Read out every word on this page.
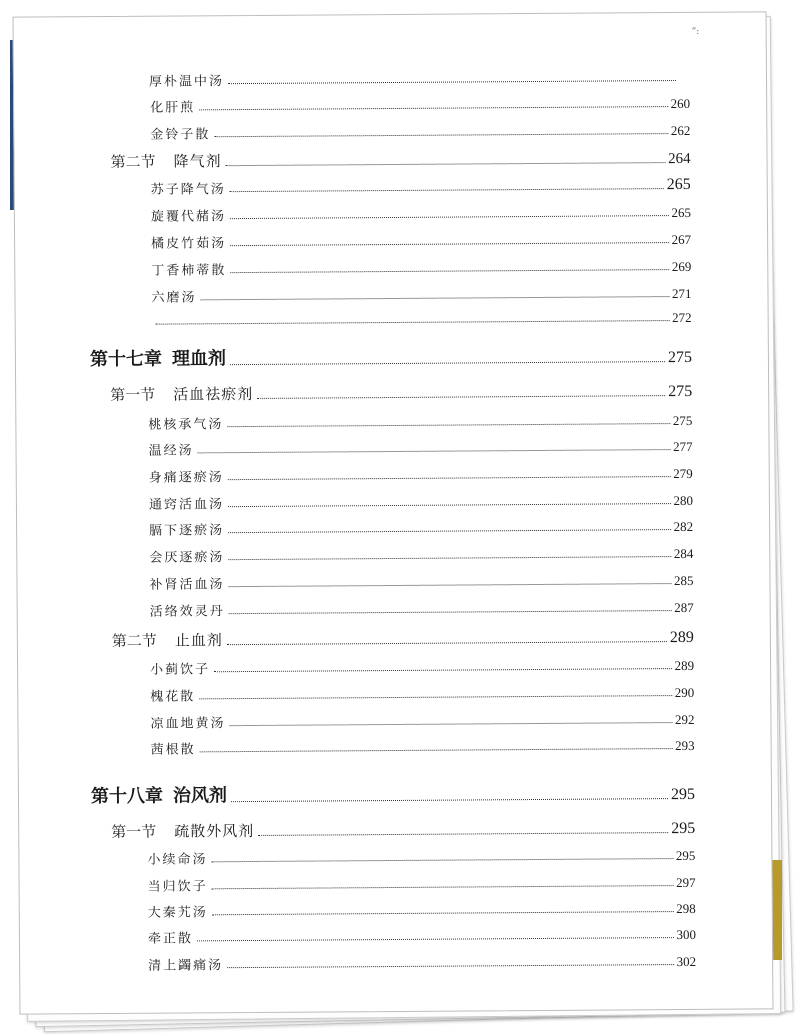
“:
厚朴温中汤
化肝煎	260
金铃子散	262
第二节 降气剂	264
苏子降气汤	265
旋覆代赭汤	265
橘皮竹茹汤	267
丁香柿蒂散	269
六磨汤	271
272
第十七章 理血剂	275
第一节 活血祛瘀剂	275
桃核承气汤	275
温经汤	277
身痛逐瘀汤	279
通窍活血汤	280
膈下逐瘀汤	282
会厌逐瘀汤	284
补肾活血汤	285
活络效灵丹	287
第二节 止血剂	289
小蓟饮子	289
槐花散	290
凉血地黄汤	292
茜根散	293
第十八章 治风剂	295
第一节 疏散外风剂	295
小续命汤	295
当归饮子	297
大秦艽汤	298
牵正散	300
清上蠲痛汤	302
